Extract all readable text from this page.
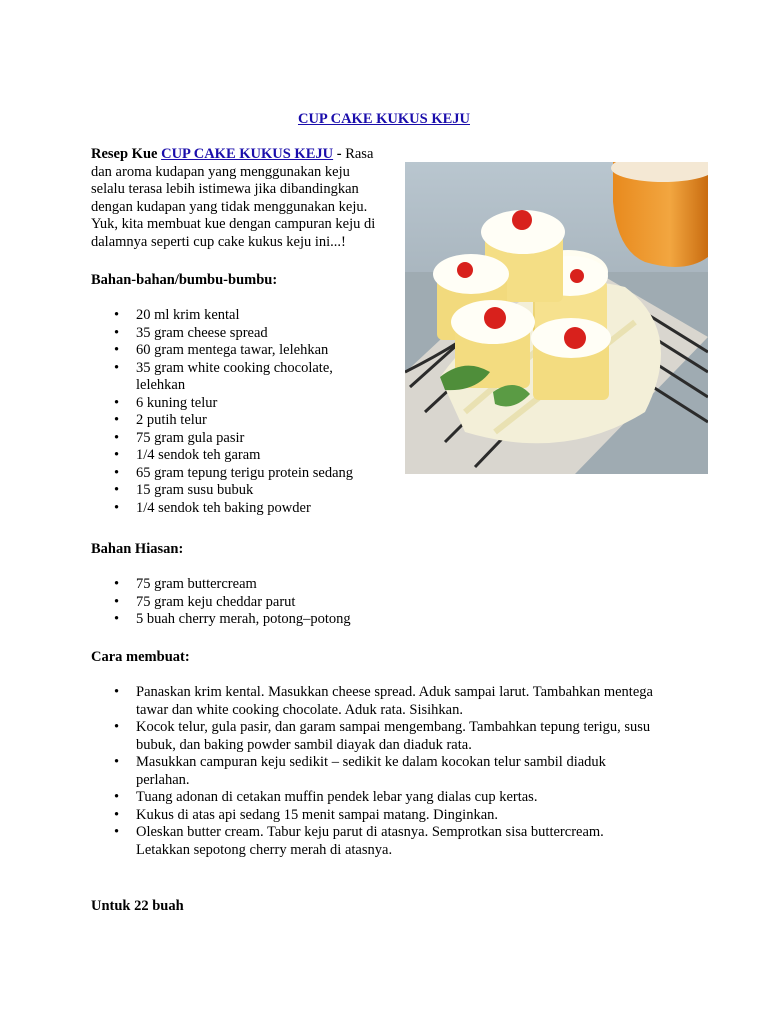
CUP CAKE KUKUS KEJU
Resep Kue CUP CAKE KUKUS KEJU - Rasa
dan aroma kudapan yang menggunakan keju
selalu terasa lebih istimewa jika dibandingkan
dengan kudapan yang tidak menggunakan keju.
Yuk, kita membuat kue dengan campuran keju di
dalamnya seperti cup cake kukus keju ini...!
Bahan-bahan/bumbu-bumbu:
• 20 ml krim kental
• 35 gram cheese spread
• 60 gram mentega tawar, lelehkan
• 35 gram white cooking chocolate,
lelehkan
• 6 kuning telur
• 2 putih telur
• 75 gram gula pasir
• 1/4 sendok teh garam
• 65 gram tepung terigu protein sedang
• 15 gram susu bubuk
• 1/4 sendok teh baking powder
Bahan Hiasan:
• 75 gram buttercream
• 75 gram keju cheddar parut
• 5 buah cherry merah, potong–potong
Cara membuat:
• Panaskan krim kental. Masukkan cheese spread. Aduk sampai larut. Tambahkan mentega
tawar dan white cooking chocolate. Aduk rata. Sisihkan.
• Kocok telur, gula pasir, dan garam sampai mengembang. Tambahkan tepung terigu, susu
bubuk, dan baking powder sambil diayak dan diaduk rata.
• Masukkan campuran keju sedikit – sedikit ke dalam kocokan telur sambil diaduk
perlahan.
• Tuang adonan di cetakan muffin pendek lebar yang dialas cup kertas.
• Kukus di atas api sedang 15 menit sampai matang. Dinginkan.
• Oleskan butter cream. Tabur keju parut di atasnya. Semprotkan sisa buttercream.
Letakkan sepotong cherry merah di atasnya.
Untuk 22 buah
